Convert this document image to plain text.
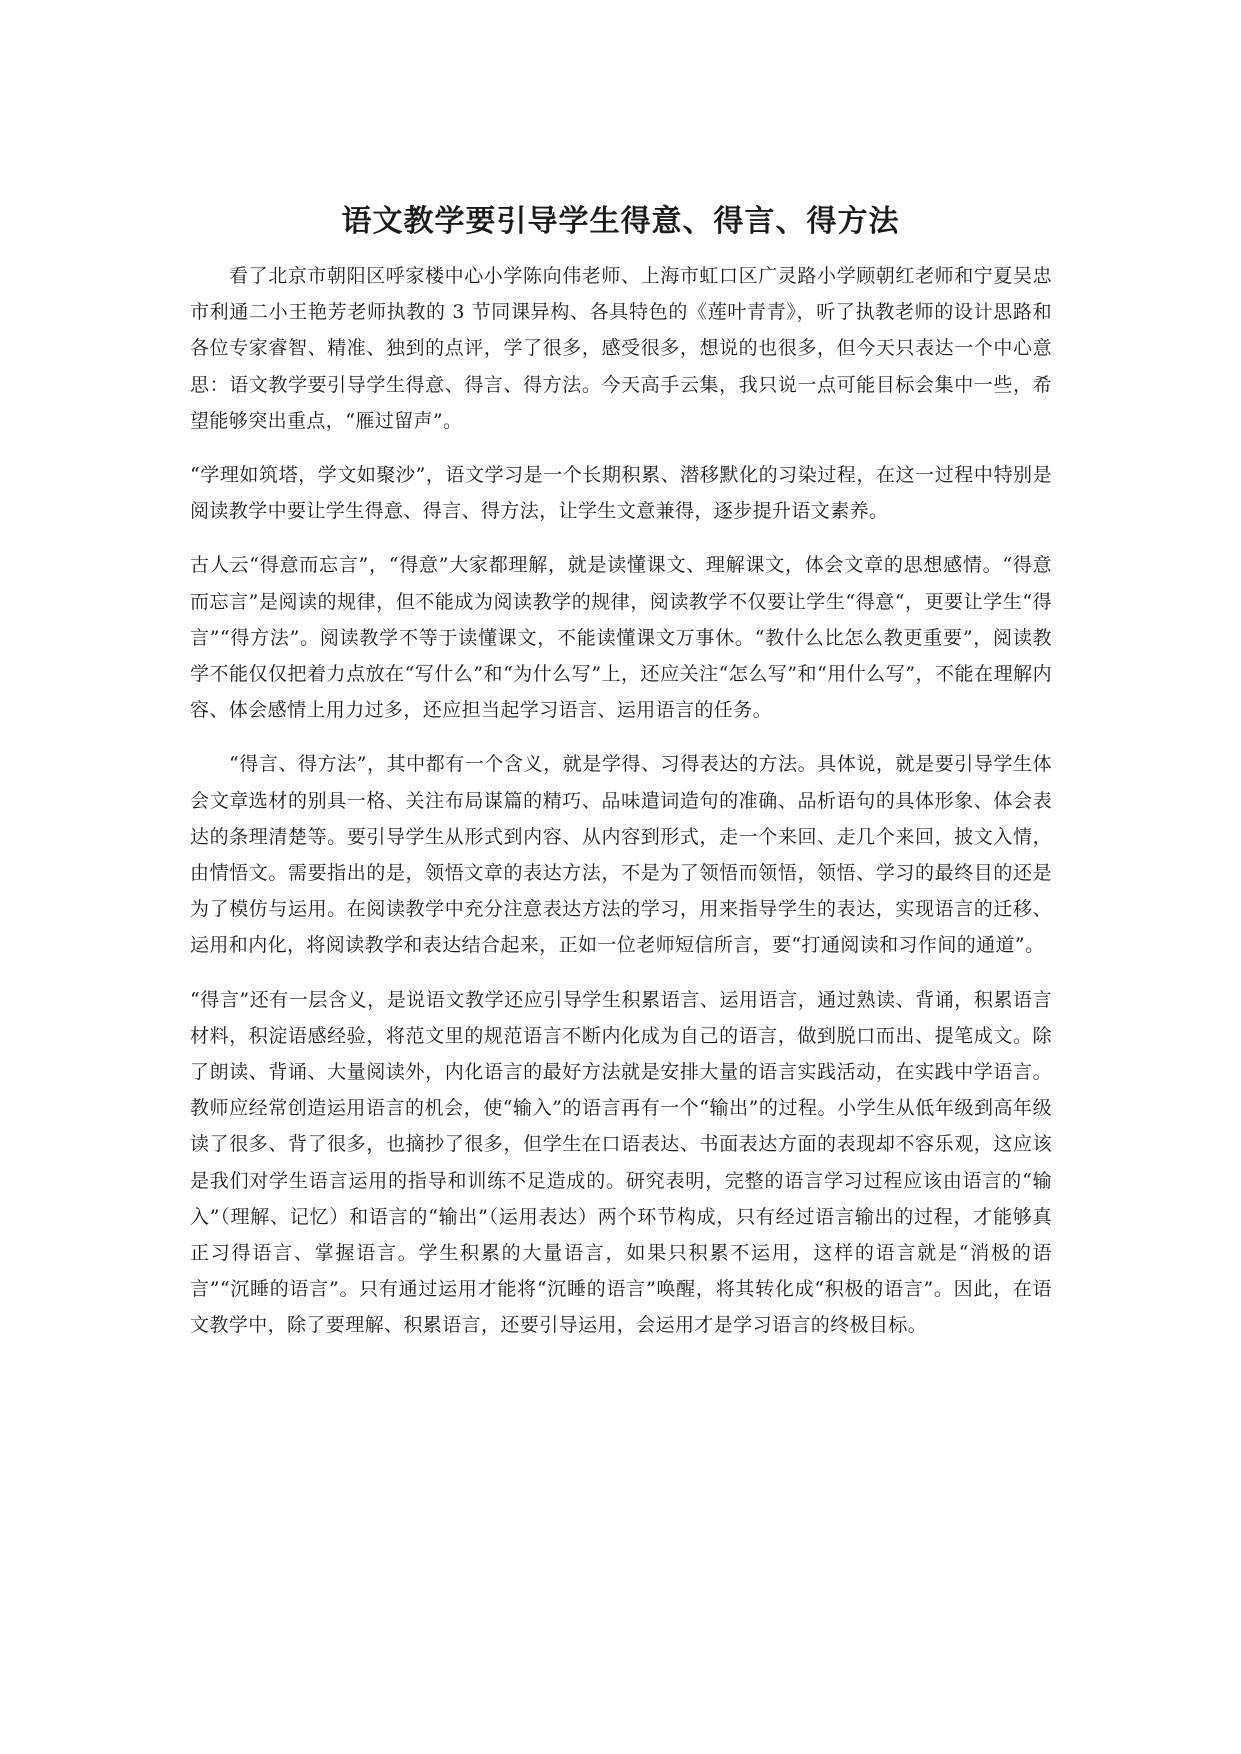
语文教学要引导学生得意、得言、得方法

看了北京市朝阳区呼家楼中心小学陈向伟老师、上海市虹口区广灵路小学顾朝红老师和宁夏吴忠市利通二小王艳芳老师执教的 3 节同课异构、各具特色的《莲叶青青》，听了执教老师的设计思路和各位专家睿智、精准、独到的点评，学了很多，感受很多，想说的也很多，但今天只表达一个中心意思：语文教学要引导学生得意、得言、得方法。今天高手云集，我只说一点可能目标会集中一些，希望能够突出重点，“雁过留声”。

“学理如筑塔，学文如聚沙”，语文学习是一个长期积累、潜移默化的习染过程，在这一过程中特别是阅读教学中要让学生得意、得言、得方法，让学生文意兼得，逐步提升语文素养。

古人云“得意而忘言”，“得意”大家都理解，就是读懂课文、理解课文，体会文章的思想感情。“得意而忘言”是阅读的规律，但不能成为阅读教学的规律，阅读教学不仅要让学生“得意“，更要让学生“得言”“得方法”。阅读教学不等于读懂课文，不能读懂课文万事休。“教什么比怎么教更重要”，阅读教学不能仅仅把着力点放在“写什么”和“为什么写”上，还应关注“怎么写”和“用什么写”，不能在理解内容、体会感情上用力过多，还应担当起学习语言、运用语言的任务。

“得言、得方法”，其中都有一个含义，就是学得、习得表达的方法。具体说，就是要引导学生体会文章选材的别具一格、关注布局谋篇的精巧、品味遣词造句的准确、品析语句的具体形象、体会表达的条理清楚等。要引导学生从形式到内容、从内容到形式，走一个来回、走几个来回，披文入情，由情悟文。需要指出的是，领悟文章的表达方法，不是为了领悟而领悟，领悟、学习的最终目的还是为了模仿与运用。在阅读教学中充分注意表达方法的学习，用来指导学生的表达，实现语言的迁移、运用和内化，将阅读教学和表达结合起来，正如一位老师短信所言，要“打通阅读和习作间的通道”。

“得言”还有一层含义，是说语文教学还应引导学生积累语言、运用语言，通过熟读、背诵，积累语言材料，积淀语感经验，将范文里的规范语言不断内化成为自己的语言，做到脱口而出、提笔成文。除了朗读、背诵、大量阅读外，内化语言的最好方法就是安排大量的语言实践活动，在实践中学语言。教师应经常创造运用语言的机会，使“输入”的语言再有一个“输出”的过程。小学生从低年级到高年级读了很多、背了很多，也摘抄了很多，但学生在口语表达、书面表达方面的表现却不容乐观，这应该是我们对学生语言运用的指导和训练不足造成的。研究表明，完整的语言学习过程应该由语言的“输入”（理解、记忆）和语言的“输出”（运用表达）两个环节构成，只有经过语言输出的过程，才能够真正习得语言、掌握语言。学生积累的大量语言，如果只积累不运用，这样的语言就是“消极的语言”“沉睡的语言”。只有通过运用才能将“沉睡的语言”唤醒，将其转化成“积极的语言”。因此，在语文教学中，除了要理解、积累语言，还要引导运用，会运用才是学习语言的终极目标。
